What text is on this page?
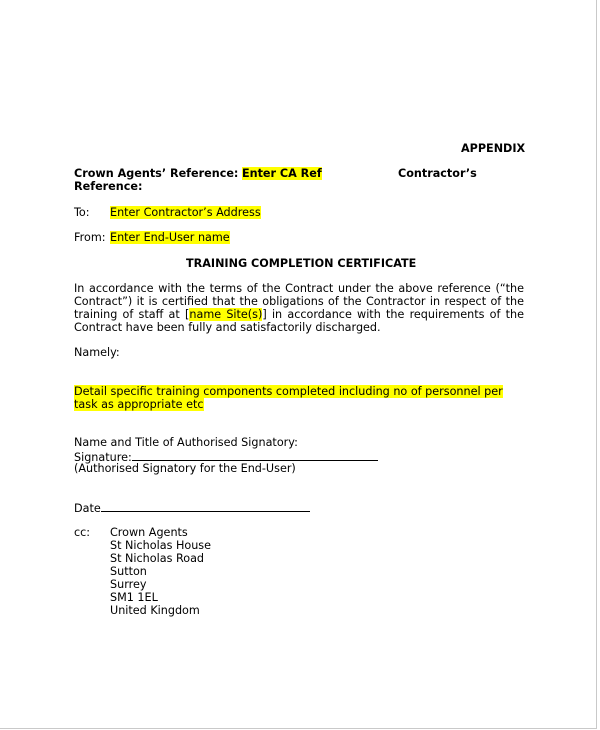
APPENDIX
Crown Agents’ Reference: Enter CA Ref	Contractor’s
Reference:
To: Enter Contractor’s Address
From: Enter End-User name
TRAINING COMPLETION CERTIFICATE
In accordance with the terms of the Contract under the above reference (“the Contract”) it is certified that the obligations of the Contractor in respect of the training of staff at [name Site(s)] in accordance with the requirements of the Contract have been fully and satisfactorily discharged.
Namely:
Detail specific training components completed including no of personnel per task as appropriate etc
Name and Title of Authorised Signatory:
Signature:
(Authorised Signatory for the End-User)
Date
cc: Crown Agents
St Nicholas House
St Nicholas Road
Sutton
Surrey
SM1 1EL
United Kingdom
